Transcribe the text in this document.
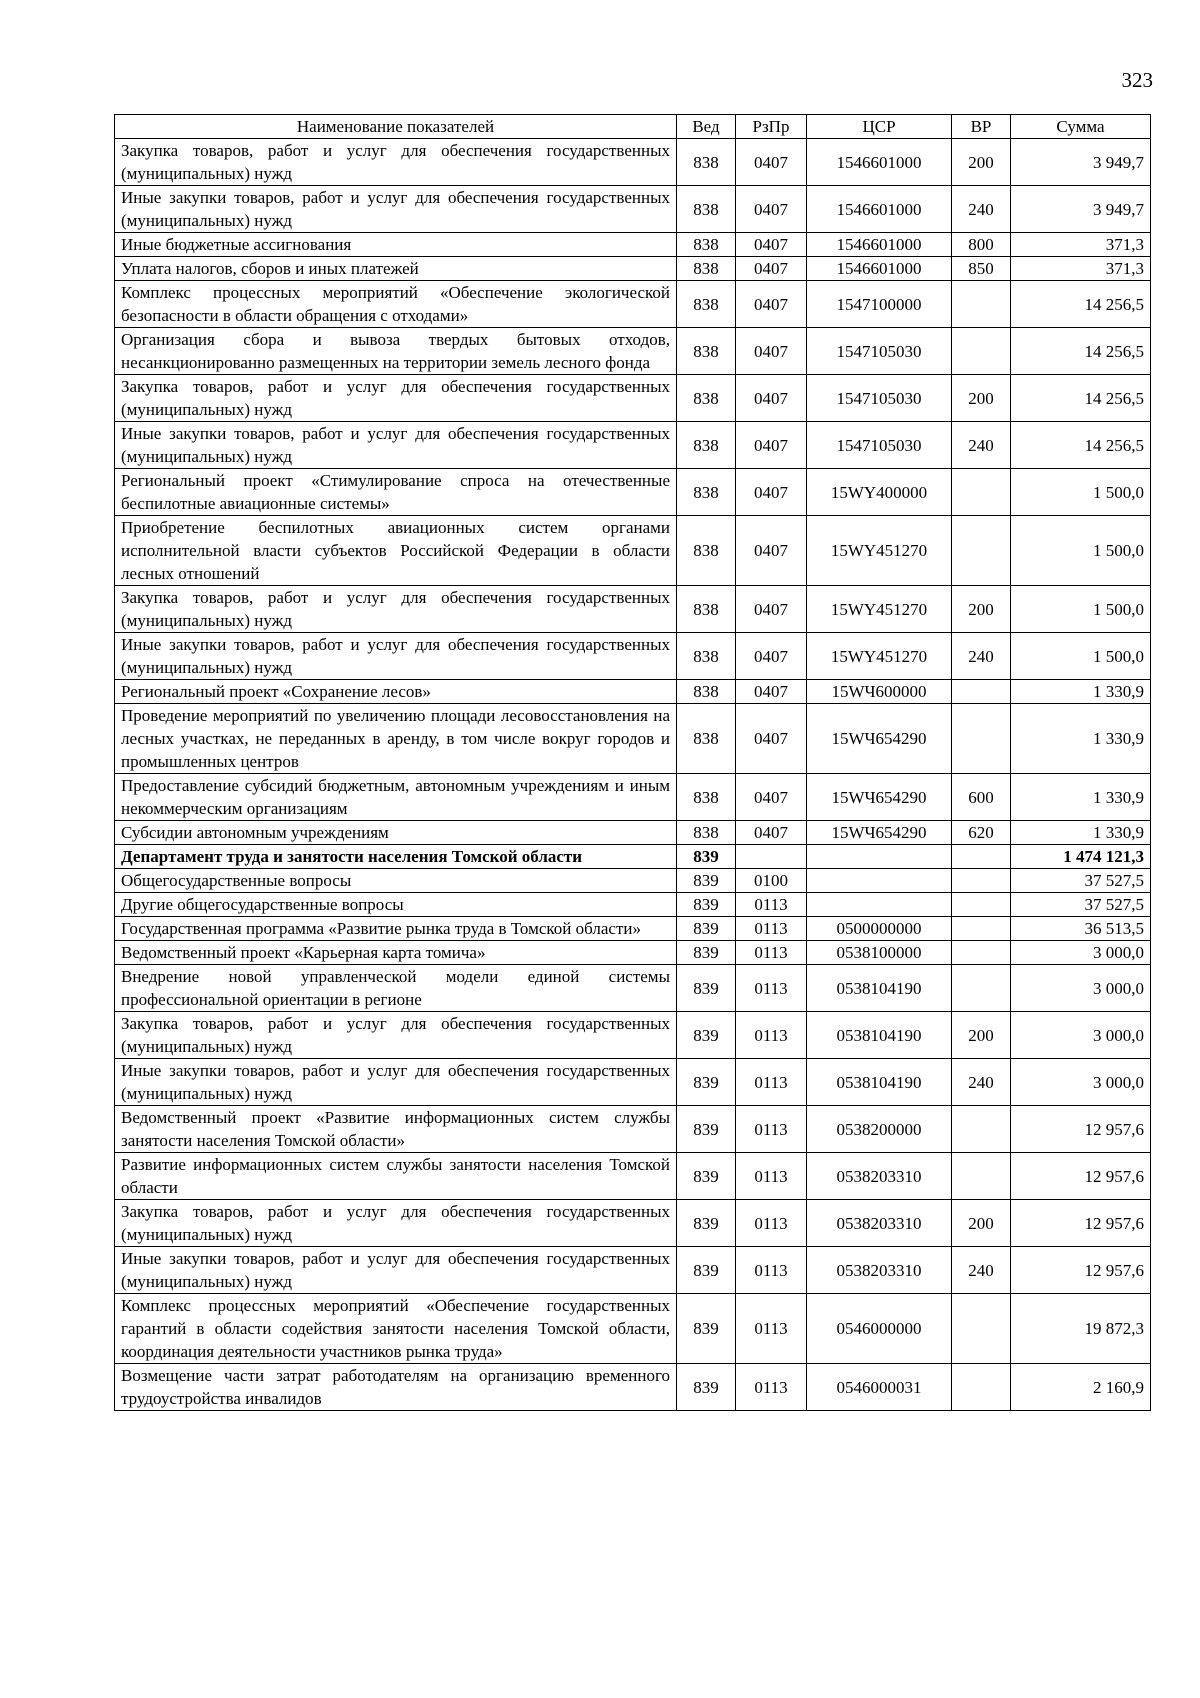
323
Наименование показателей	Вед	РзПр	ЦСР	ВР	Сумма
Закупка товаров, работ и услуг для обеспечения государственных (муниципальных) нужд	838	0407	1546601000	200	3 949,7
Иные закупки товаров, работ и услуг для обеспечения государственных (муниципальных) нужд	838	0407	1546601000	240	3 949,7
Иные бюджетные ассигнования	838	0407	1546601000	800	371,3
Уплата налогов, сборов и иных платежей	838	0407	1546601000	850	371,3
Комплекс процессных мероприятий «Обеспечение экологической безопасности в области обращения с отходами»	838	0407	1547100000		14 256,5
Организация сбора и вывоза твердых бытовых отходов, несанкционированно размещенных на территории земель лесного фонда	838	0407	1547105030		14 256,5
Закупка товаров, работ и услуг для обеспечения государственных (муниципальных) нужд	838	0407	1547105030	200	14 256,5
Иные закупки товаров, работ и услуг для обеспечения государственных (муниципальных) нужд	838	0407	1547105030	240	14 256,5
Региональный проект «Стимулирование спроса на отечественные беспилотные авиационные системы»	838	0407	15WY400000		1 500,0
Приобретение беспилотных авиационных систем органами исполнительной власти субъектов Российской Федерации в области лесных отношений	838	0407	15WY451270		1 500,0
Закупка товаров, работ и услуг для обеспечения государственных (муниципальных) нужд	838	0407	15WY451270	200	1 500,0
Иные закупки товаров, работ и услуг для обеспечения государственных (муниципальных) нужд	838	0407	15WY451270	240	1 500,0
Региональный проект «Сохранение лесов»	838	0407	15WЧ600000		1 330,9
Проведение мероприятий по увеличению площади лесовосстановления на лесных участках, не переданных в аренду, в том числе вокруг городов и промышленных центров	838	0407	15WЧ654290		1 330,9
Предоставление субсидий бюджетным, автономным учреждениям и иным некоммерческим организациям	838	0407	15WЧ654290	600	1 330,9
Субсидии автономным учреждениям	838	0407	15WЧ654290	620	1 330,9
Департамент труда и занятости населения Томской области	839				1 474 121,3
Общегосударственные вопросы	839	0100			37 527,5
Другие общегосударственные вопросы	839	0113			37 527,5
Государственная программа «Развитие рынка труда в Томской области»	839	0113	0500000000		36 513,5
Ведомственный проект «Карьерная карта томича»	839	0113	0538100000		3 000,0
Внедрение новой управленческой модели единой системы профессиональной ориентации в регионе	839	0113	0538104190		3 000,0
Закупка товаров, работ и услуг для обеспечения государственных (муниципальных) нужд	839	0113	0538104190	200	3 000,0
Иные закупки товаров, работ и услуг для обеспечения государственных (муниципальных) нужд	839	0113	0538104190	240	3 000,0
Ведомственный проект «Развитие информационных систем службы занятости населения Томской области»	839	0113	0538200000		12 957,6
Развитие информационных систем службы занятости населения Томской области	839	0113	0538203310		12 957,6
Закупка товаров, работ и услуг для обеспечения государственных (муниципальных) нужд	839	0113	0538203310	200	12 957,6
Иные закупки товаров, работ и услуг для обеспечения государственных (муниципальных) нужд	839	0113	0538203310	240	12 957,6
Комплекс процессных мероприятий «Обеспечение государственных гарантий в области содействия занятости населения Томской области, координация деятельности участников рынка труда»	839	0113	0546000000		19 872,3
Возмещение части затрат работодателям на организацию временного трудоустройства инвалидов	839	0113	0546000031		2 160,9
